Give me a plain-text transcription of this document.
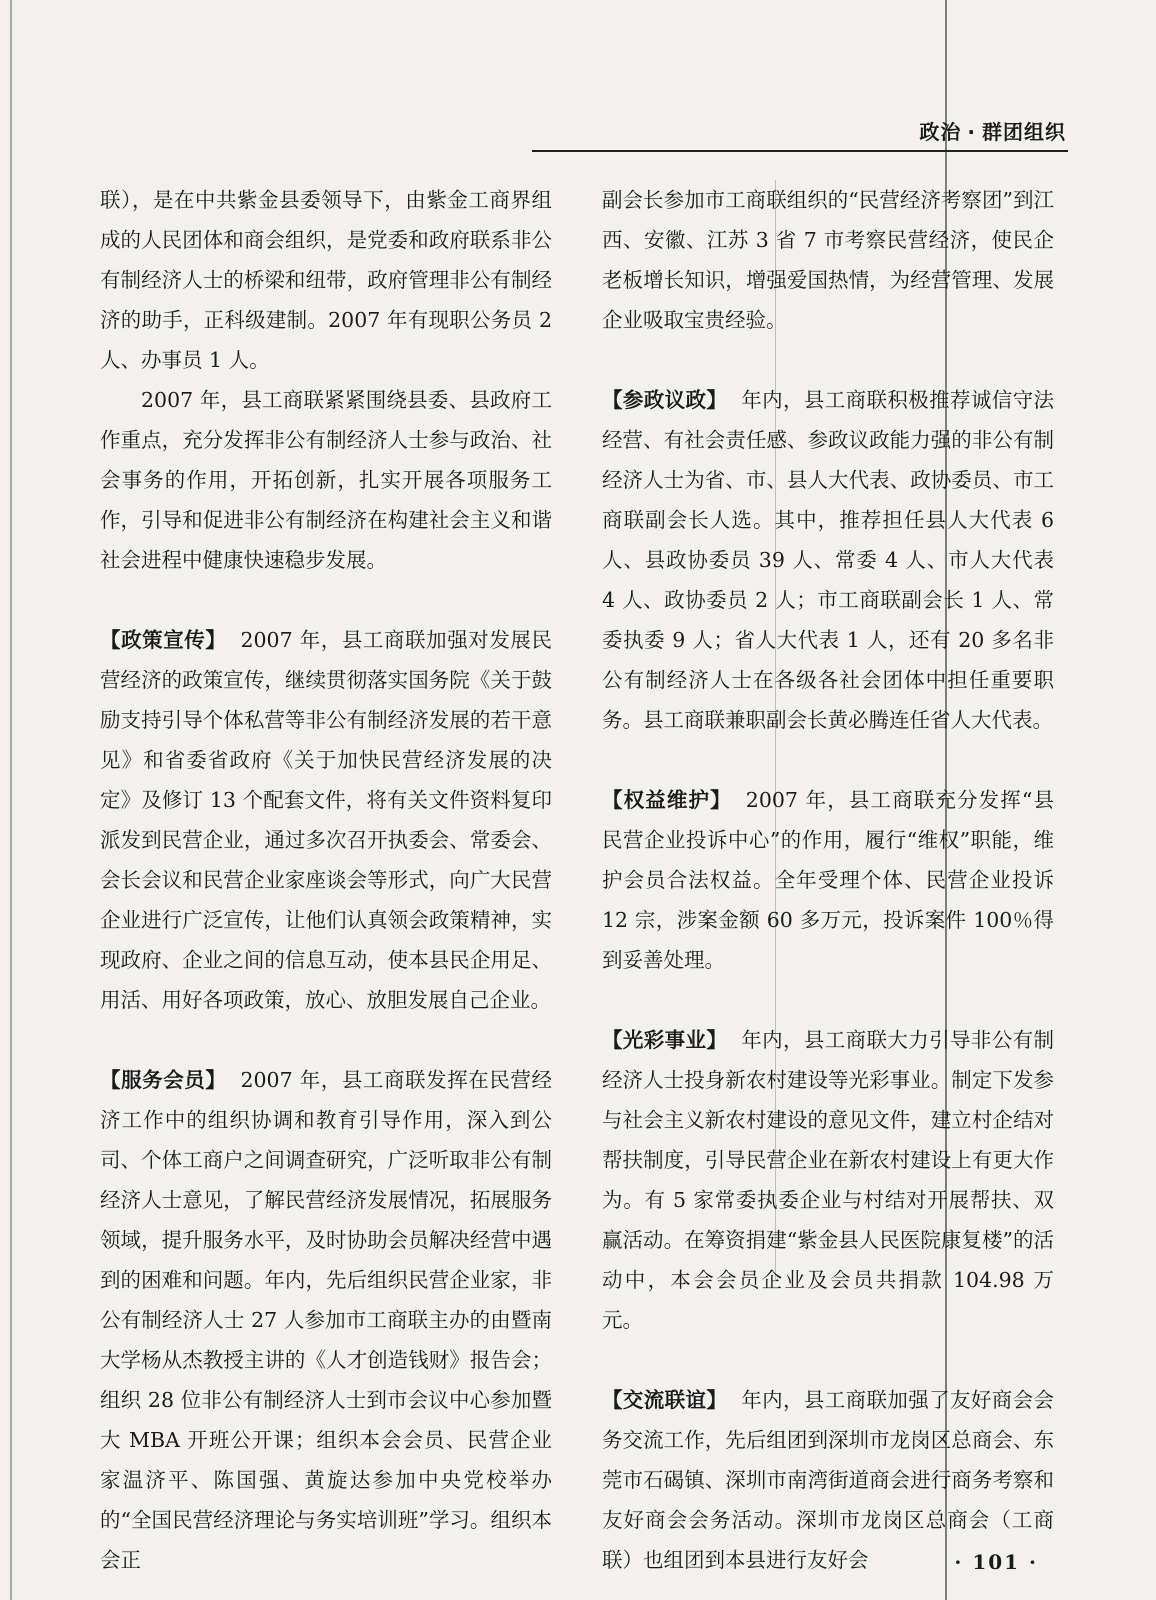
政治 · 群团组织

联），是在中共紫金县委领导下，由紫金工商界组成的人民团体和商会组织，是党委和政府联系非公有制经济人士的桥梁和纽带，政府管理非公有制经济的助手，正科级建制。2007 年有现职公务员 2 人、办事员 1 人。

2007 年，县工商联紧紧围绕县委、县政府工作重点，充分发挥非公有制经济人士参与政治、社会事务的作用，开拓创新，扎实开展各项服务工作，引导和促进非公有制经济在构建社会主义和谐社会进程中健康快速稳步发展。

【政策宣传】 2007 年，县工商联加强对发展民营经济的政策宣传，继续贯彻落实国务院《关于鼓励支持引导个体私营等非公有制经济发展的若干意见》和省委省政府《关于加快民营经济发展的决定》及修订 13 个配套文件，将有关文件资料复印派发到民营企业，通过多次召开执委会、常委会、会长会议和民营企业家座谈会等形式，向广大民营企业进行广泛宣传，让他们认真领会政策精神，实现政府、企业之间的信息互动，使本县民企用足、用活、用好各项政策，放心、放胆发展自己企业。

【服务会员】 2007 年，县工商联发挥在民营经济工作中的组织协调和教育引导作用，深入到公司、个体工商户之间调查研究，广泛听取非公有制经济人士意见，了解民营经济发展情况，拓展服务领域，提升服务水平，及时协助会员解决经营中遇到的困难和问题。年内，先后组织民营企业家，非公有制经济人士 27 人参加市工商联主办的由暨南大学杨从杰教授主讲的《人才创造钱财》报告会；组织 28 位非公有制经济人士到市会议中心参加暨大 MBA 开班公开课；组织本会会员、民营企业家温济平、陈国强、黄旋达参加中央党校举办的“全国民营经济理论与务实培训班”学习。组织本会正

副会长参加市工商联组织的“民营经济考察团”到江西、安徽、江苏 3 省 7 市考察民营经济，使民企老板增长知识，增强爱国热情，为经营管理、发展企业吸取宝贵经验。

【参政议政】 年内，县工商联积极推荐诚信守法经营、有社会责任感、参政议政能力强的非公有制经济人士为省、市、县人大代表、政协委员、市工商联副会长人选。其中，推荐担任县人大代表 6 人、县政协委员 39 人、常委 4 人、市人大代表 4 人、政协委员 2 人；市工商联副会长 1 人、常委执委 9 人；省人大代表 1 人，还有 20 多名非公有制经济人士在各级各社会团体中担任重要职务。县工商联兼职副会长黄必腾连任省人大代表。

【权益维护】 2007 年，县工商联充分发挥“县民营企业投诉中心”的作用，履行“维权”职能，维护会员合法权益。全年受理个体、民营企业投诉 12 宗，涉案金额 60 多万元，投诉案件 100％得到妥善处理。

【光彩事业】 年内，县工商联大力引导非公有制经济人士投身新农村建设等光彩事业。制定下发参与社会主义新农村建设的意见文件，建立村企结对帮扶制度，引导民营企业在新农村建设上有更大作为。有 5 家常委执委企业与村结对开展帮扶、双赢活动。在筹资捐建“紫金县人民医院康复楼”的活动中，本会会员企业及会员共捐款 104.98 万元。

【交流联谊】 年内，县工商联加强了友好商会会务交流工作，先后组团到深圳市龙岗区总商会、东莞市石碣镇、深圳市南湾街道商会进行商务考察和友好商会会务活动。深圳市龙岗区总商会（工商联）也组团到本县进行友好会	· 101 ·
